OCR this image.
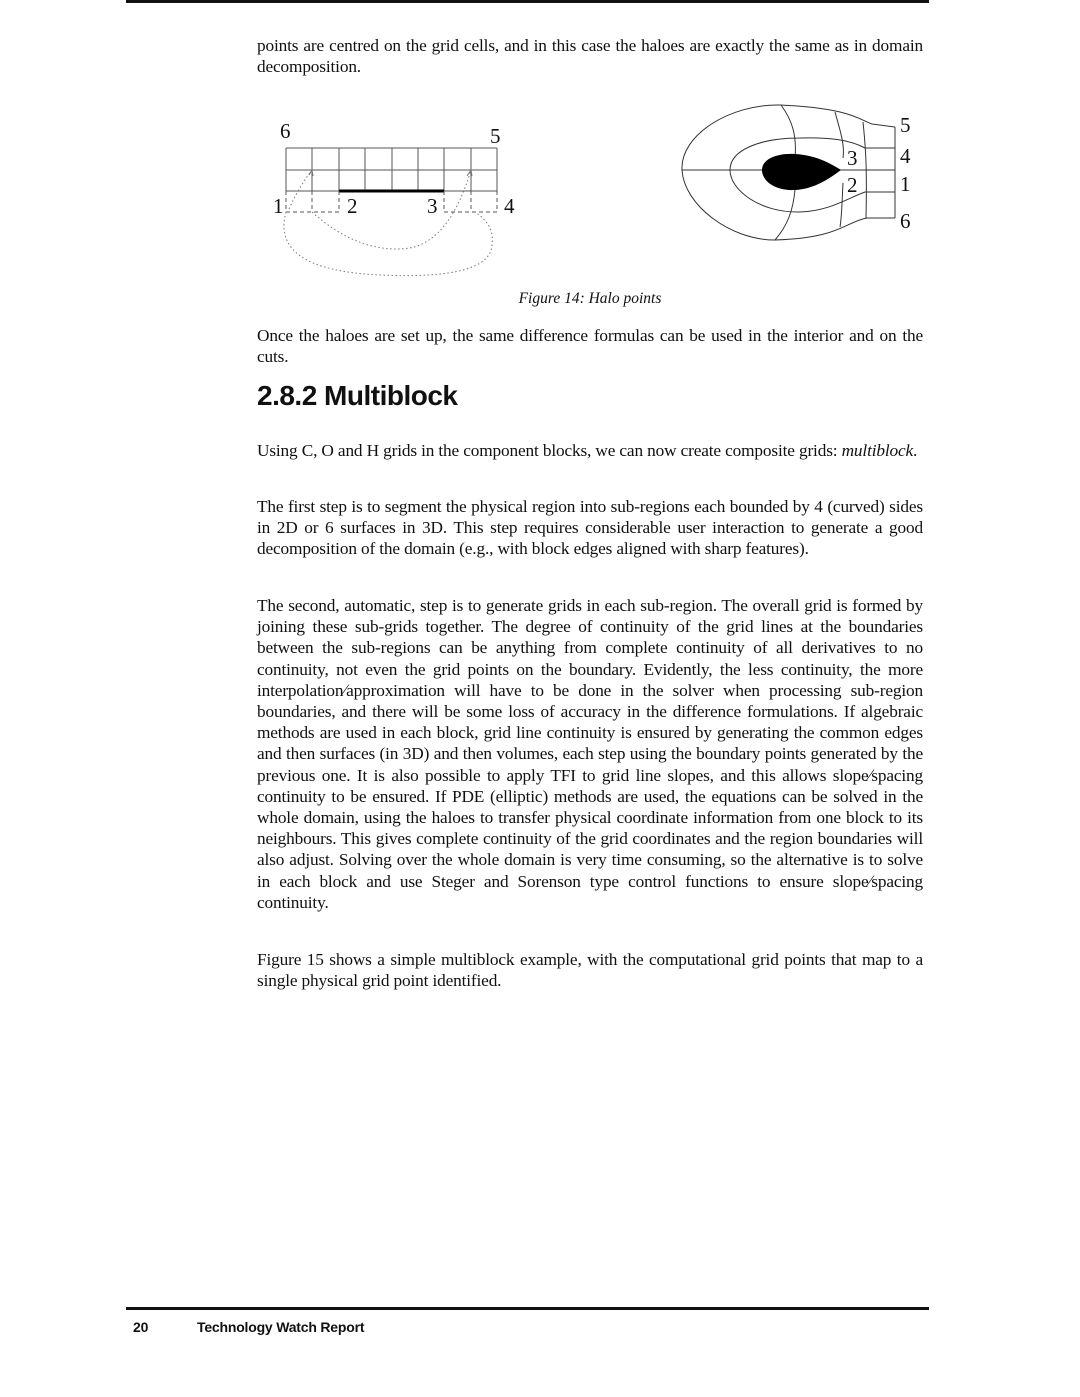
points are centred on the grid cells, and in this case the haloes are exactly the same as in domain decomposition.

6	5
1	2	3	4
3
2
5
4
1
6
Figure 14: Halo points

Once the haloes are set up, the same difference formulas can be used in the interior and on the cuts.

2.8.2 Multiblock

Using C, O and H grids in the component blocks, we can now create composite grids: multiblock.

The first step is to segment the physical region into sub-regions each bounded by 4 (curved) sides in 2D or 6 surfaces in 3D. This step requires considerable user interaction to generate a good decomposition of the domain (e.g., with block edges aligned with sharp features).

The second, automatic, step is to generate grids in each sub-region. The overall grid is formed by joining these sub-grids together. The degree of continuity of the grid lines at the boundaries between the sub-regions can be anything from complete continuity of all derivatives to no continuity, not even the grid points on the boundary. Evidently, the less continuity, the more interpolation∕approximation will have to be done in the solver when processing sub-region boundaries, and there will be some loss of accuracy in the difference formulations. If algebraic methods are used in each block, grid line continuity is ensured by generating the common edges and then surfaces (in 3D) and then volumes, each step using the boundary points generated by the previous one. It is also possible to apply TFI to grid line slopes, and this allows slope∕spacing continuity to be ensured. If PDE (elliptic) methods are used, the equations can be solved in the whole domain, using the haloes to transfer physical coordinate information from one block to its neighbours. This gives complete continuity of the grid coordinates and the region boundaries will also adjust. Solving over the whole domain is very time consuming, so the alternative is to solve in each block and use Steger and Sorenson type control functions to ensure slope∕spacing continuity.

Figure 15 shows a simple multiblock example, with the computational grid points that map to a single physical grid point identified.

20	Technology Watch Report
